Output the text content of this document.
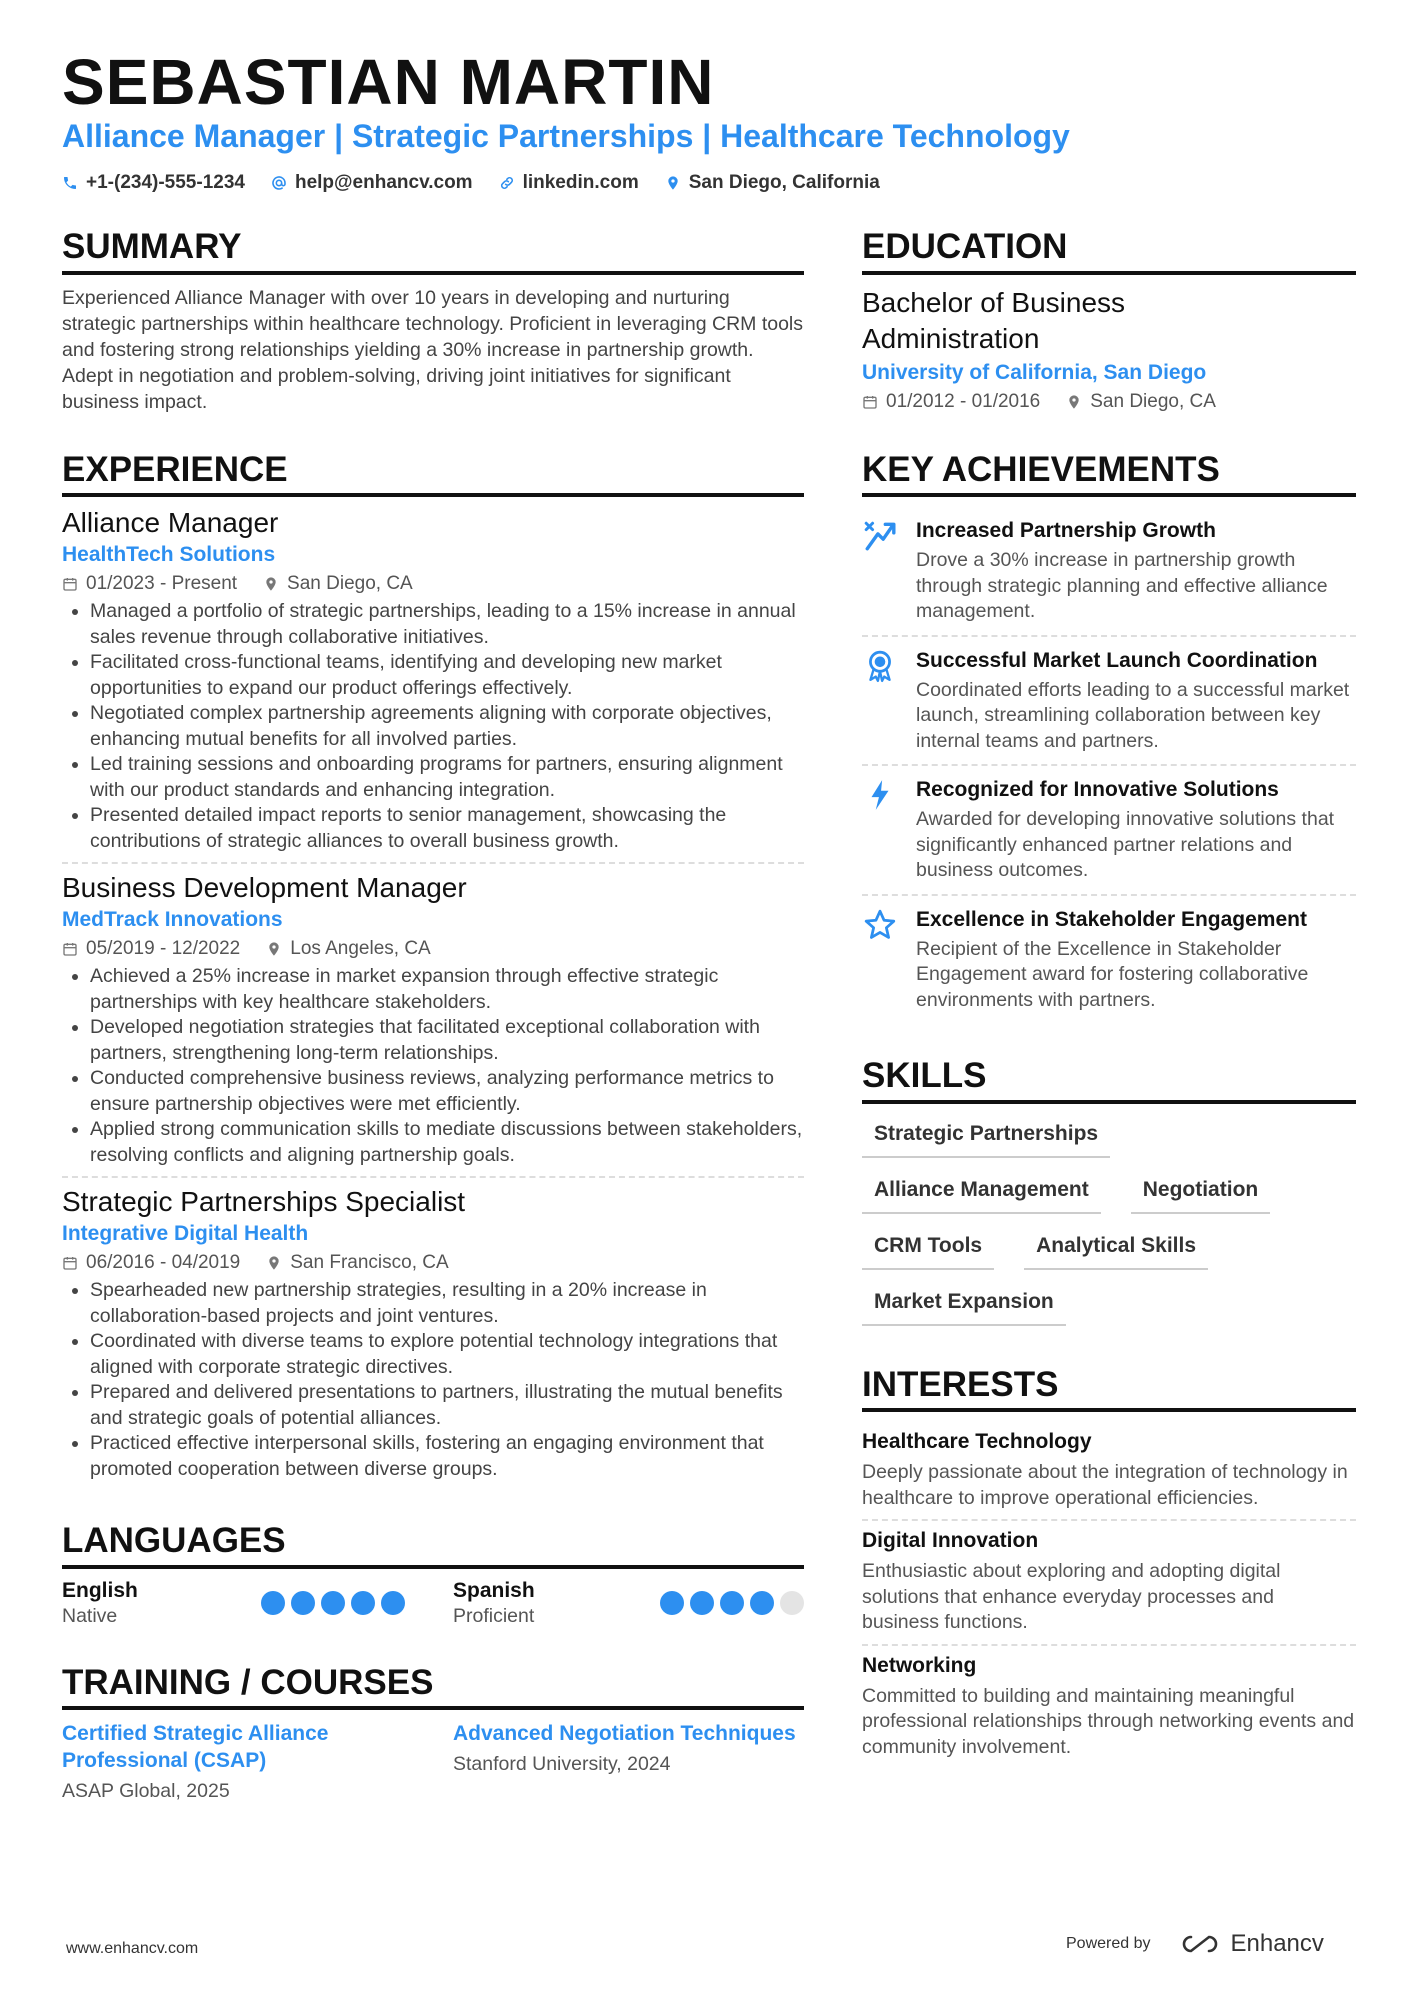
SEBASTIAN MARTIN
Alliance Manager | Strategic Partnerships | Healthcare Technology
+1-(234)-555-1234	help@enhancv.com	linkedin.com	San Diego, California
SUMMARY

Experienced Alliance Manager with over 10 years in developing and nurturing strategic partnerships within healthcare technology. Proficient in leveraging CRM tools and fostering strong relationships yielding a 30% increase in partnership growth. Adept in negotiation and problem-solving, driving joint initiatives for significant business impact.

EXPERIENCE
Alliance Manager
HealthTech Solutions
01/2023 - Present	San Diego, CA
• Managed a portfolio of strategic partnerships, leading to a 15% increase in annual sales revenue through collaborative initiatives.
• Facilitated cross-functional teams, identifying and developing new market opportunities to expand our product offerings effectively.
• Negotiated complex partnership agreements aligning with corporate objectives, enhancing mutual benefits for all involved parties.
• Led training sessions and onboarding programs for partners, ensuring alignment with our product standards and enhancing integration.
• Presented detailed impact reports to senior management, showcasing the contributions of strategic alliances to overall business growth.
Business Development Manager
MedTrack Innovations
05/2019 - 12/2022	Los Angeles, CA
• Achieved a 25% increase in market expansion through effective strategic partnerships with key healthcare stakeholders.
• Developed negotiation strategies that facilitated exceptional collaboration with partners, strengthening long-term relationships.
• Conducted comprehensive business reviews, analyzing performance metrics to ensure partnership objectives were met efficiently.
• Applied strong communication skills to mediate discussions between stakeholders, resolving conflicts and aligning partnership goals.
Strategic Partnerships Specialist
Integrative Digital Health
06/2016 - 04/2019	San Francisco, CA
• Spearheaded new partnership strategies, resulting in a 20% increase in collaboration-based projects and joint ventures.
• Coordinated with diverse teams to explore potential technology integrations that aligned with corporate strategic directives.
• Prepared and delivered presentations to partners, illustrating the mutual benefits and strategic goals of potential alliances.
• Practiced effective interpersonal skills, fostering an engaging environment that promoted cooperation between diverse groups.
LANGUAGES
English
Native
Spanish
Proficient
TRAINING / COURSES
Certified Strategic Alliance Professional (CSAP)
ASAP Global, 2025
Advanced Negotiation Techniques
Stanford University, 2024
EDUCATION
Bachelor of Business Administration
University of California, San Diego
01/2012 - 01/2016	San Diego, CA
KEY ACHIEVEMENTS
Increased Partnership Growth
Drove a 30% increase in partnership growth through strategic planning and effective alliance management.
Successful Market Launch Coordination
Coordinated efforts leading to a successful market launch, streamlining collaboration between key internal teams and partners.
Recognized for Innovative Solutions
Awarded for developing innovative solutions that significantly enhanced partner relations and business outcomes.
Excellence in Stakeholder Engagement
Recipient of the Excellence in Stakeholder Engagement award for fostering collaborative environments with partners.
SKILLS
Strategic Partnerships
Alliance Management	Negotiation
CRM Tools	Analytical Skills
Market Expansion
INTERESTS
Healthcare Technology
Deeply passionate about the integration of technology in healthcare to improve operational efficiencies.
Digital Innovation
Enthusiastic about exploring and adopting digital solutions that enhance everyday processes and business functions.
Networking
Committed to building and maintaining meaningful professional relationships through networking events and community involvement.
www.enhancv.com	Powered by	Enhancv
